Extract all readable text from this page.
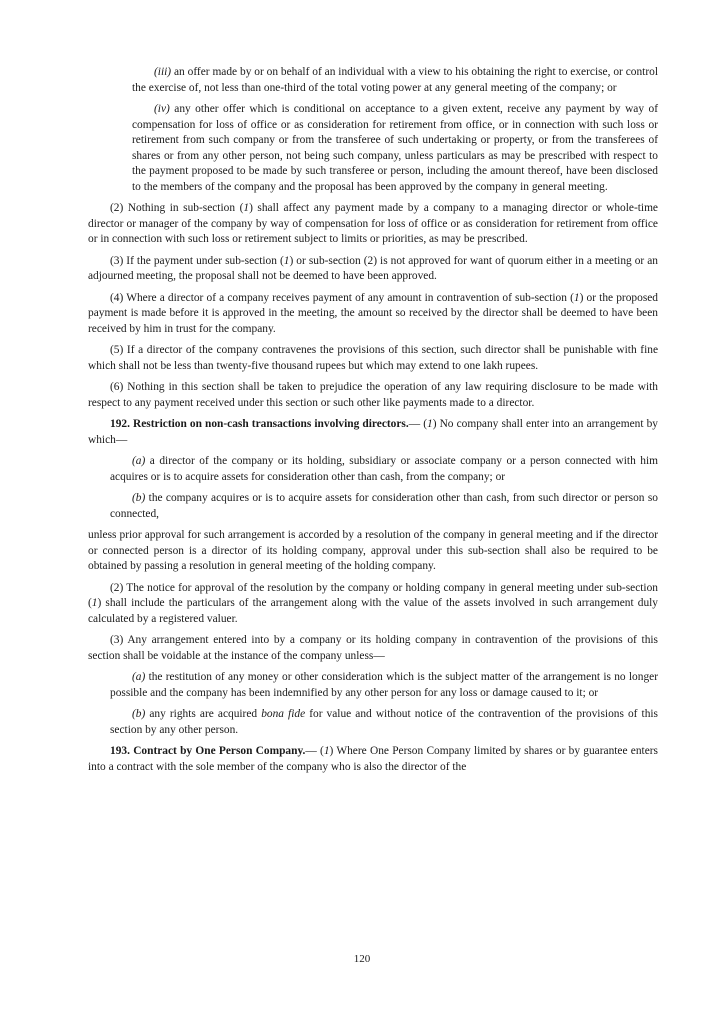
(iii) an offer made by or on behalf of an individual with a view to his obtaining the right to exercise, or control the exercise of, not less than one-third of the total voting power at any general meeting of the company; or

(iv) any other offer which is conditional on acceptance to a given extent, receive any payment by way of compensation for loss of office or as consideration for retirement from office, or in connection with such loss or retirement from such company or from the transferee of such undertaking or property, or from the transferees of shares or from any other person, not being such company, unless particulars as may be prescribed with respect to the payment proposed to be made by such transferee or person, including the amount thereof, have been disclosed to the members of the company and the proposal has been approved by the company in general meeting.

(2) Nothing in sub-section (1) shall affect any payment made by a company to a managing director or whole-time director or manager of the company by way of compensation for loss of office or as consideration for retirement from office or in connection with such loss or retirement subject to limits or priorities, as may be prescribed.

(3) If the payment under sub-section (1) or sub-section (2) is not approved for want of quorum either in a meeting or an adjourned meeting, the proposal shall not be deemed to have been approved.

(4) Where a director of a company receives payment of any amount in contravention of sub-section (1) or the proposed payment is made before it is approved in the meeting, the amount so received by the director shall be deemed to have been received by him in trust for the company.

(5) If a director of the company contravenes the provisions of this section, such director shall be punishable with fine which shall not be less than twenty-five thousand rupees but which may extend to one lakh rupees.

(6) Nothing in this section shall be taken to prejudice the operation of any law requiring disclosure to be made with respect to any payment received under this section or such other like payments made to a director.

192. Restriction on non-cash transactions involving directors.— (1) No company shall enter into an arrangement by which—

(a) a director of the company or its holding, subsidiary or associate company or a person connected with him acquires or is to acquire assets for consideration other than cash, from the company; or

(b) the company acquires or is to acquire assets for consideration other than cash, from such director or person so connected,

unless prior approval for such arrangement is accorded by a resolution of the company in general meeting and if the director or connected person is a director of its holding company, approval under this sub-section shall also be required to be obtained by passing a resolution in general meeting of the holding company.

(2) The notice for approval of the resolution by the company or holding company in general meeting under sub-section (1) shall include the particulars of the arrangement along with the value of the assets involved in such arrangement duly calculated by a registered valuer.

(3) Any arrangement entered into by a company or its holding company in contravention of the provisions of this section shall be voidable at the instance of the company unless—

(a) the restitution of any money or other consideration which is the subject matter of the arrangement is no longer possible and the company has been indemnified by any other person for any loss or damage caused to it; or

(b) any rights are acquired bona fide for value and without notice of the contravention of the provisions of this section by any other person.

193. Contract by One Person Company.— (1) Where One Person Company limited by shares or by guarantee enters into a contract with the sole member of the company who is also the director of the

120
